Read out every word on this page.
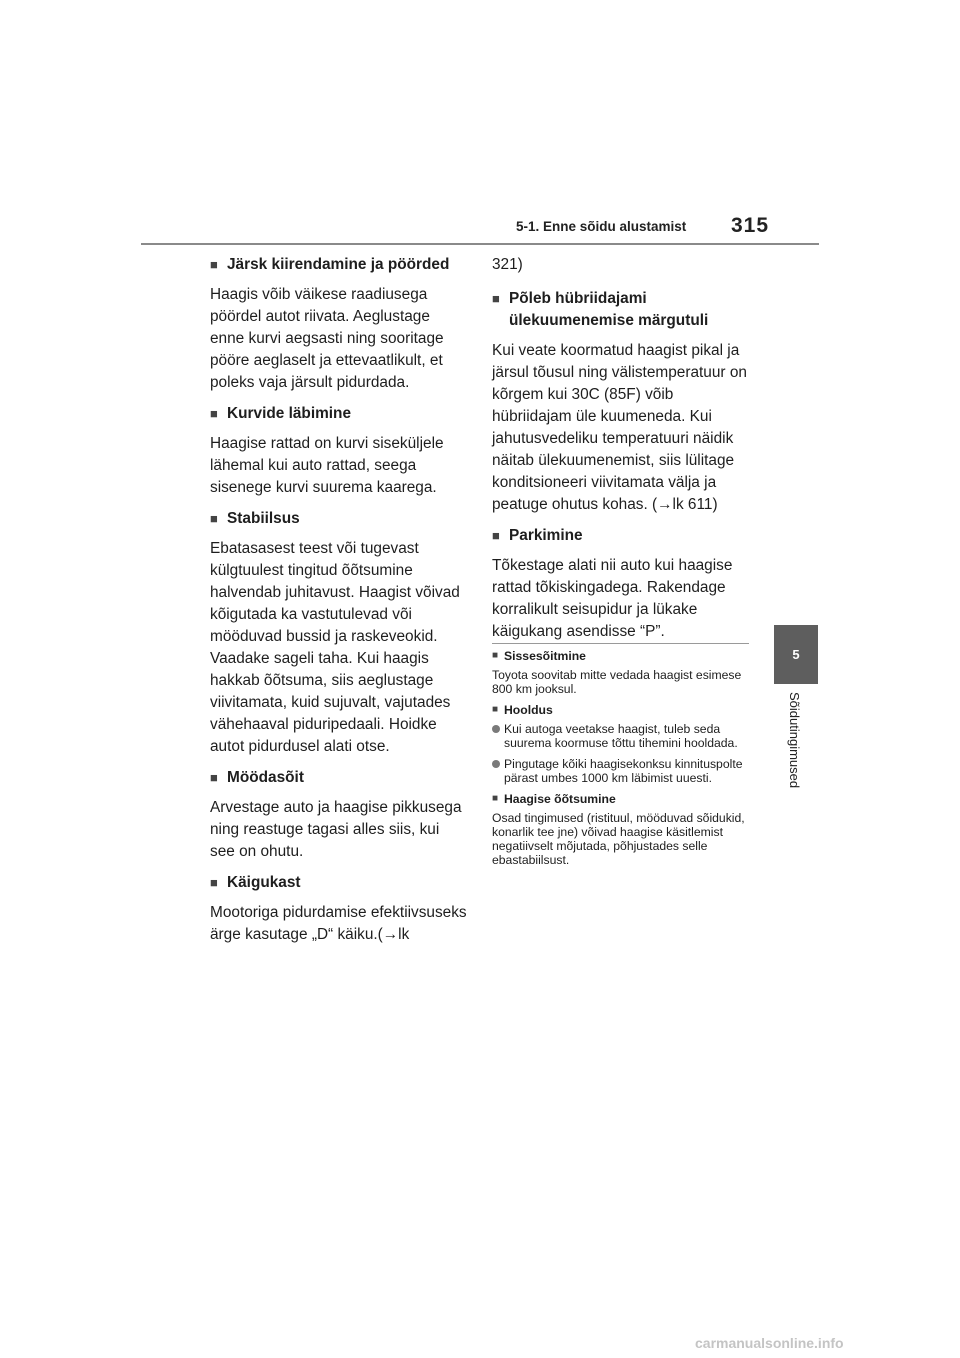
5-1. Enne sõidu alustamist 315
5
Sõidutingimused
■ Järsk kiirendamine ja pöörded

Haagis võib väikese raadiusega pöördel autot riivata. Aeglustage enne kurvi aegsasti ning sooritage pööre aeglaselt ja ettevaatlikult, et poleks vaja järsult pidurdada.

■ Kurvide läbimine

Haagise rattad on kurvi siseküljele lähemal kui auto rattad, seega sisenege kurvi suurema kaarega.

■ Stabiilsus

Ebatasasest teest või tugevast külgtuulest tingitud õõtsumine halvendab juhitavust. Haagist võivad kõigutada ka vastutulevad või mööduvad bussid ja raskeveokid. Vaadake sageli taha. Kui haagis hakkab õõtsuma, siis aeglustage viivitamata, kuid sujuvalt, vajutades vähehaaval piduripedaali. Hoidke autot pidurdusel alati otse.

■ Möödasõit

Arvestage auto ja haagise pikkusega ning reastuge tagasi alles siis, kui see on ohutu.

■ Käigukast

Mootoriga pidurdamise efektiivsuseks ärge kasutage „D“ käiku.(→lk

321)
■ Põleb hübriidajami ülekuumenemise märgutuli

Kui veate koormatud haagist pikal ja järsul tõusul ning välistemperatuur on kõrgem kui 30C (85F) võib hübriidajam üle kuumeneda. Kui jahutusvedeliku temperatuuri näidik näitab ülekuumenemist, siis lülitage konditsioneeri viivitamata välja ja peatuge ohutus kohas. (→lk 611)

■ Parkimine

Tõkestage alati nii auto kui haagise rattad tõkiskingadega. Rakendage korralikult seisupidur ja lükake käigukang asendisse “P”.

■ Sissesõitmine

Toyota soovitab mitte vedada haagist esimese 800 km jooksul.

■ Hooldus
Kui autoga veetakse haagist, tuleb seda suurema koormuse tõttu tihemini hooldada.
Pingutage kõiki haagisekonksu kinnituspolte pärast umbes 1000 km läbimist uuesti.
■ Haagise õõtsumine

Osad tingimused (ristituul, mööduvad sõidukid, konarlik tee jne) võivad haagise käsitlemist negatiivselt mõjutada, põhjustades selle ebastabiilsust.

carmanualsonline.info
